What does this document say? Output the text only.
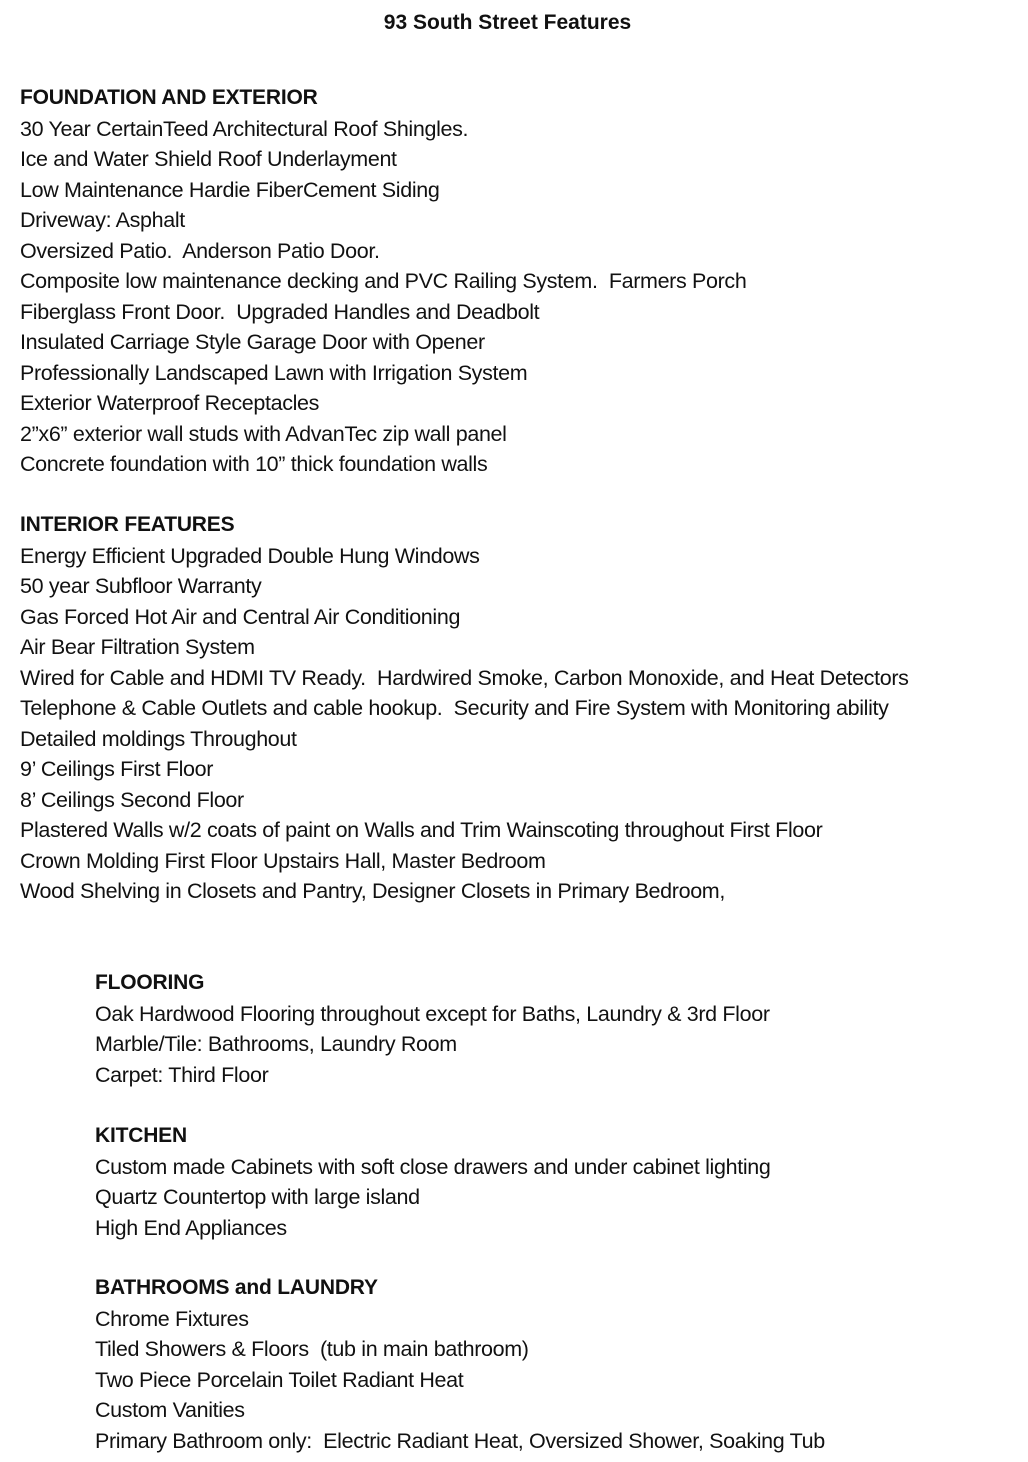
93 South Street Features
FOUNDATION AND EXTERIOR
30 Year CertainTeed Architectural Roof Shingles.
Ice and Water Shield Roof Underlayment
Low Maintenance Hardie FiberCement Siding
Driveway: Asphalt
Oversized Patio.  Anderson Patio Door.
Composite low maintenance decking and PVC Railing System.  Farmers Porch
Fiberglass Front Door.  Upgraded Handles and Deadbolt
Insulated Carriage Style Garage Door with Opener
Professionally Landscaped Lawn with Irrigation System
Exterior Waterproof Receptacles
2”x6” exterior wall studs with AdvanTec zip wall panel
Concrete foundation with 10” thick foundation walls
INTERIOR FEATURES
Energy Efficient Upgraded Double Hung Windows
50 year Subfloor Warranty
Gas Forced Hot Air and Central Air Conditioning
Air Bear Filtration System
Wired for Cable and HDMI TV Ready.  Hardwired Smoke, Carbon Monoxide, and Heat Detectors
Telephone & Cable Outlets and cable hookup.  Security and Fire System with Monitoring ability
Detailed moldings Throughout
9’ Ceilings First Floor
8’ Ceilings Second Floor
Plastered Walls w/2 coats of paint on Walls and Trim Wainscoting throughout First Floor
Crown Molding First Floor Upstairs Hall, Master Bedroom
Wood Shelving in Closets and Pantry, Designer Closets in Primary Bedroom,
FLOORING
Oak Hardwood Flooring throughout except for Baths, Laundry & 3rd Floor
Marble/Tile: Bathrooms, Laundry Room
Carpet: Third Floor
KITCHEN
Custom made Cabinets with soft close drawers and under cabinet lighting
Quartz Countertop with large island
High End Appliances
BATHROOMS and LAUNDRY
Chrome Fixtures
Tiled Showers & Floors  (tub in main bathroom)
Two Piece Porcelain Toilet Radiant Heat
Custom Vanities
Primary Bathroom only:  Electric Radiant Heat, Oversized Shower, Soaking Tub
